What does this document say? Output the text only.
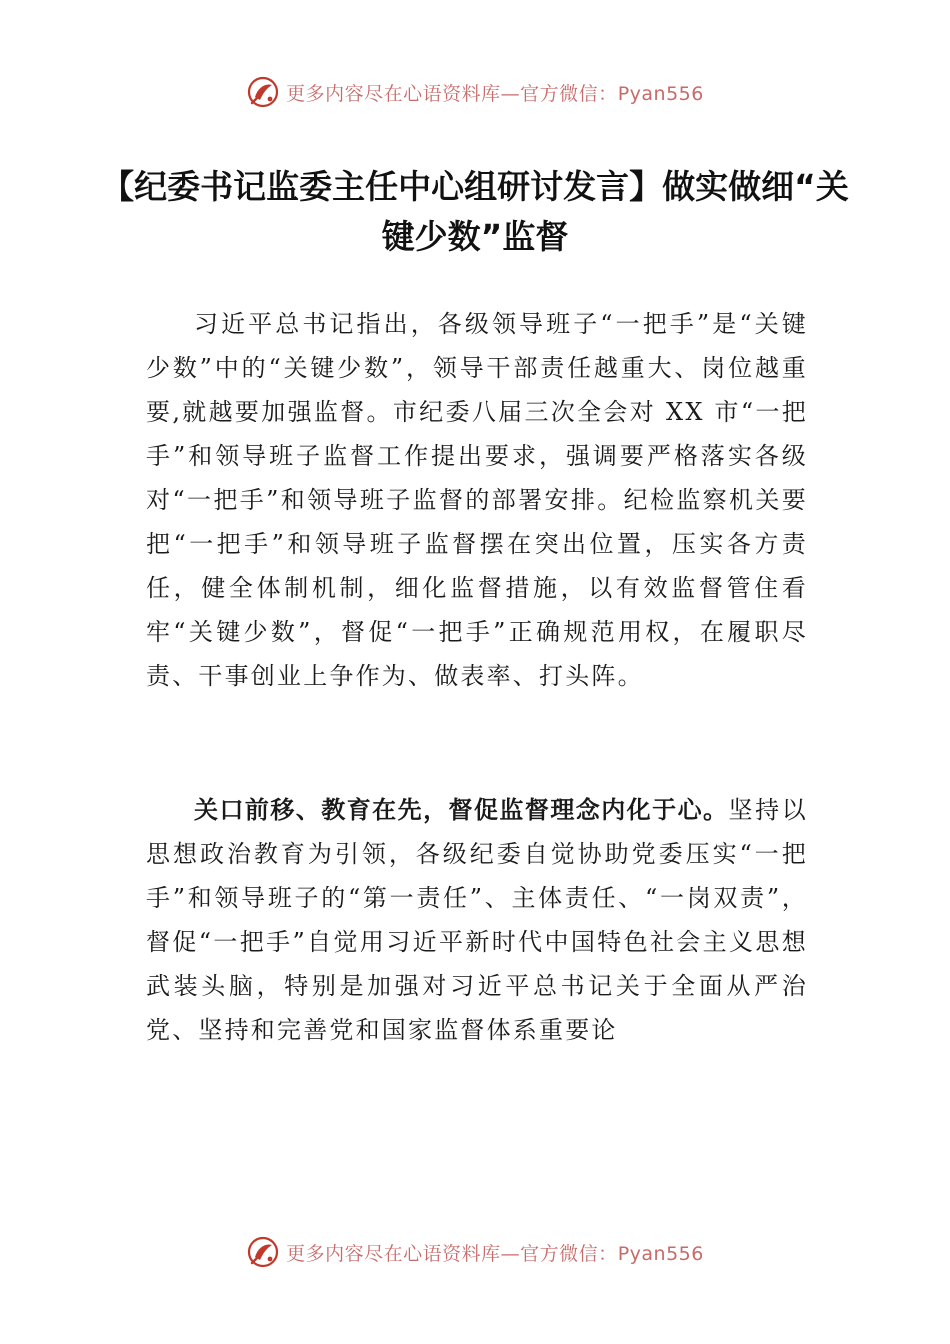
更多内容尽在心语资料库—官方微信：Pyan556
【纪委书记监委主任中心组研讨发言】做实做细“关键少数”监督

习近平总书记指出，各级领导班子“一把手”是“关键少数”中的“关键少数”，领导干部责任越重大、岗位越重要,就越要加强监督。市纪委八届三次全会对 XX 市“一把手”和领导班子监督工作提出要求，强调要严格落实各级对“一把手”和领导班子监督的部署安排。纪检监察机关要把“一把手”和领导班子监督摆在突出位置，压实各方责任，健全体制机制，细化监督措施，以有效监督管住看牢“关键少数”，督促“一把手”正确规范用权，在履职尽责、干事创业上争作为、做表率、打头阵。

关口前移、教育在先，督促监督理念内化于心。坚持以思想政治教育为引领，各级纪委自觉协助党委压实“一把手”和领导班子的“第一责任”、主体责任、“一岗双责”，督促“一把手”自觉用习近平新时代中国特色社会主义思想武装头脑，特别是加强对习近平总书记关于全面从严治党、坚持和完善党和国家监督体系重要论

更多内容尽在心语资料库—官方微信：Pyan556
